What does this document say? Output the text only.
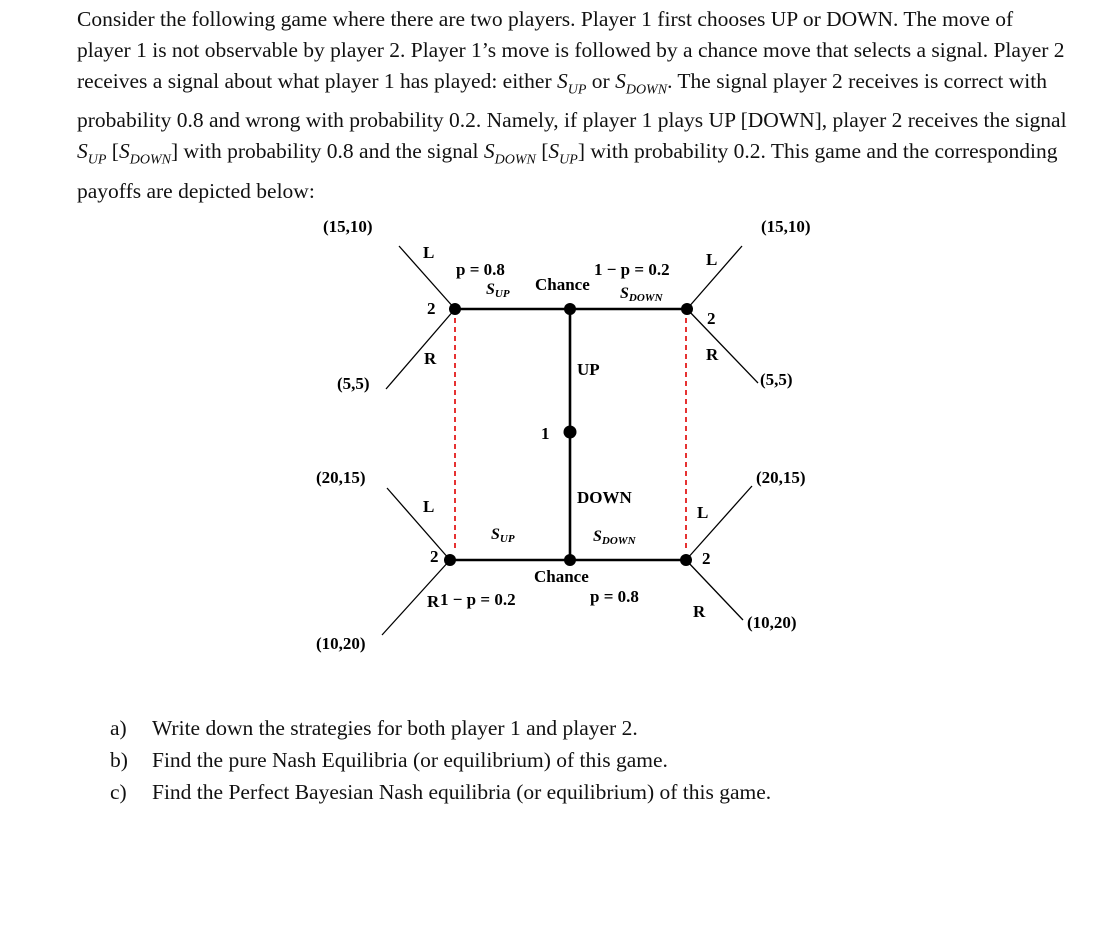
Consider the following game where there are two players. Player 1 first chooses UP or DOWN. The move of player 1 is not observable by player 2. Player 1’s move is followed by a chance move that selects a signal. Player 2 receives a signal about what player 1 has played: either $S_{UP}$ or $S_{DOWN}$. The signal player 2 receives is correct with probability 0.8 and wrong with probability 0.2. Namely, if player 1 plays UP [DOWN], player 2 receives the signal $S_{UP}$ $[S_{DOWN}]$ with probability 0.8 and the signal $S_{DOWN}$ $[S_{UP}]$ with probability 0.2. This game and the corresponding payoffs are depicted below:

(15,10)	(15,10)
(5,5)	(5,5)
(20,15)	(20,15)
(10,20)
(10,20)
L
R
L
R
L
R
L
R
UP
DOWN
2
2
1
2	2
Chance
Chance
p = 0.8	1 − p = 0.2
1 − p = 0.2	p = 0.8
SUP	SDOWN
SUP	SDOWN
a) Write down the strategies for both player 1 and player 2.
b) Find the pure Nash Equilibria (or equilibrium) of this game.
c) Find the Perfect Bayesian Nash equilibria (or equilibrium) of this game.
